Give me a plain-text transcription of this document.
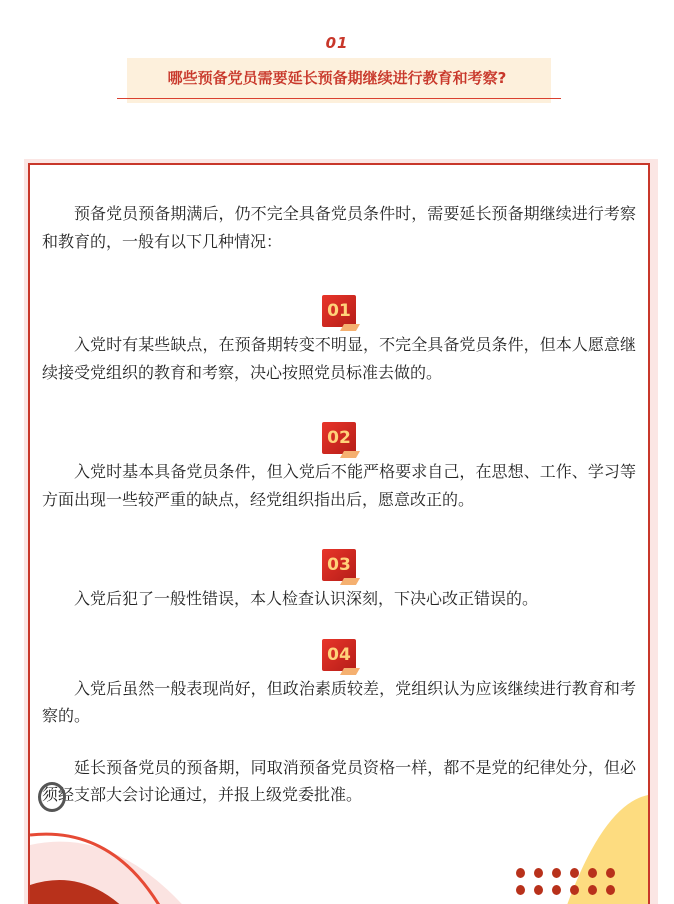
01
哪些预备党员需要延长预备期继续进行教育和考察?

预备党员预备期满后，仍不完全具备党员条件时，需要延长预备期继续进行考察和教育的，一般有以下几种情况：

01

入党时有某些缺点，在预备期转变不明显，不完全具备党员条件，但本人愿意继续接受党组织的教育和考察，决心按照党员标准去做的。

02

入党时基本具备党员条件，但入党后不能严格要求自己，在思想、工作、学习等方面出现一些较严重的缺点，经党组织指出后，愿意改正的。

03

入党后犯了一般性错误，本人检查认识深刻，下决心改正错误的。

04

入党后虽然一般表现尚好，但政治素质较差，党组织认为应该继续进行教育和考察的。

延长预备党员的预备期，同取消预备党员资格一样，都不是党的纪律处分，但必须经支部大会讨论通过，并报上级党委批准。
